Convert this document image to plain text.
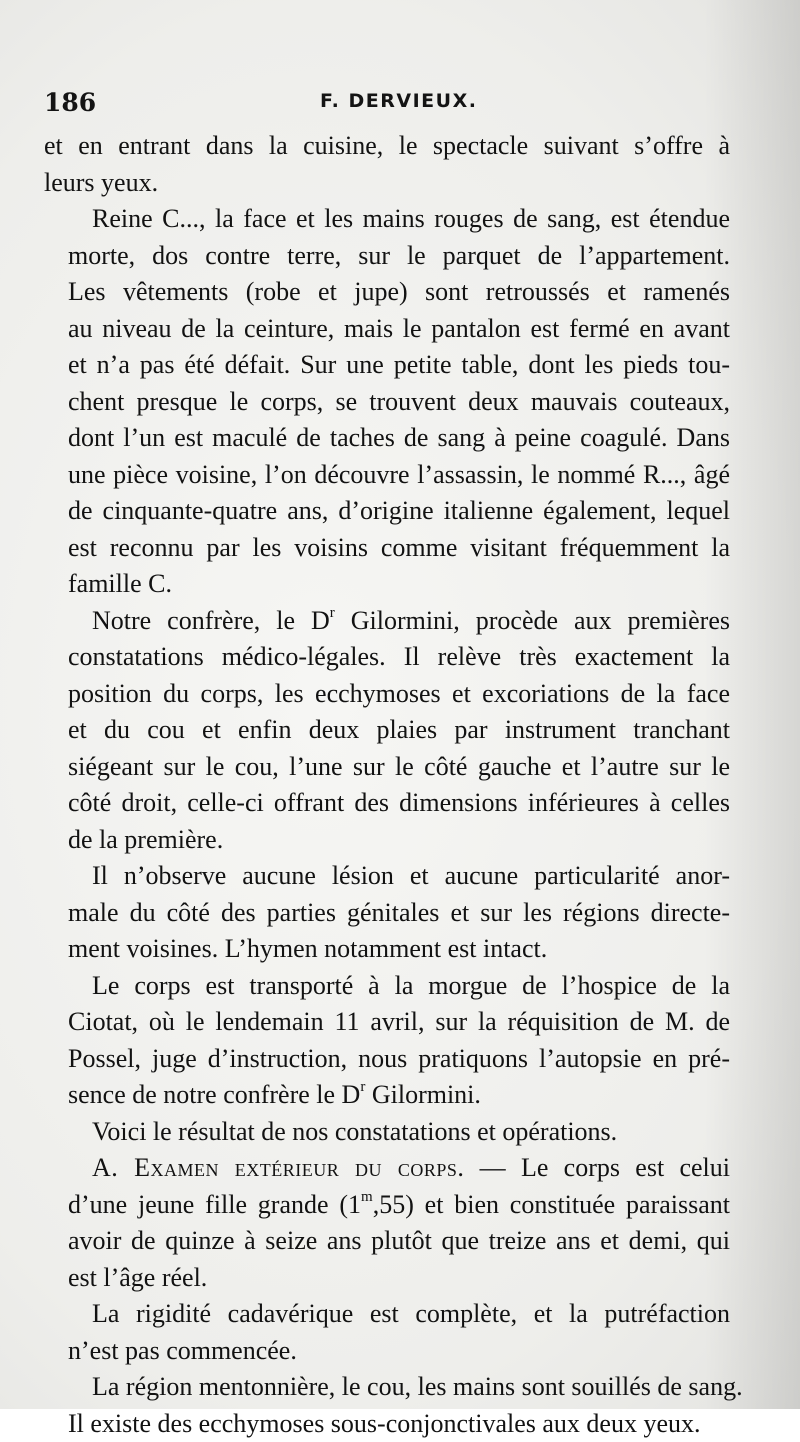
186	F. DERVIEUX.

et en entrant dans la cuisine, le spectacle suivant s’offre à
leurs yeux.

Reine C..., la face et les mains rouges de sang, est étendue
morte, dos contre terre, sur le parquet de l’appartement.
Les vêtements (robe et jupe) sont retroussés et ramenés
au niveau de la ceinture, mais le pantalon est fermé en avant
et n’a pas été défait. Sur une petite table, dont les pieds tou-
chent presque le corps, se trouvent deux mauvais couteaux,
dont l’un est maculé de taches de sang à peine coagulé. Dans
une pièce voisine, l’on découvre l’assassin, le nommé R..., âgé
de cinquante-quatre ans, d’origine italienne également, lequel
est reconnu par les voisins comme visitant fréquemment la
famille C.

Notre confrère, le $D^r$ Gilormini, procède aux premières
constatations médico-légales. Il relève très exactement la
position du corps, les ecchymoses et excoriations de la face
et du cou et enfin deux plaies par instrument tranchant
siégeant sur le cou, l’une sur le côté gauche et l’autre sur le
côté droit, celle-ci offrant des dimensions inférieures à celles
de la première.

Il n’observe aucune lésion et aucune particularité anor-
male du côté des parties génitales et sur les régions directe-
ment voisines. L’hymen notamment est intact.

Le corps est transporté à la morgue de l’hospice de la
Ciotat, où le lendemain 11 avril, sur la réquisition de M. de
Possel, juge d’instruction, nous pratiquons l’autopsie en pré-
sence de notre confrère le $D^r$ Gilormini.

Voici le résultat de nos constatations et opérations.

A. Examen extérieur du corps. — Le corps est celui
d’une jeune fille grande (1$^m$,55) et bien constituée paraissant
avoir de quinze à seize ans plutôt que treize ans et demi, qui
est l’âge réel.

La rigidité cadavérique est complète, et la putréfaction
n’est pas commencée.

La région mentonnière, le cou, les mains sont souillés de sang.
Il existe des ecchymoses sous-conjonctivales aux deux yeux.
